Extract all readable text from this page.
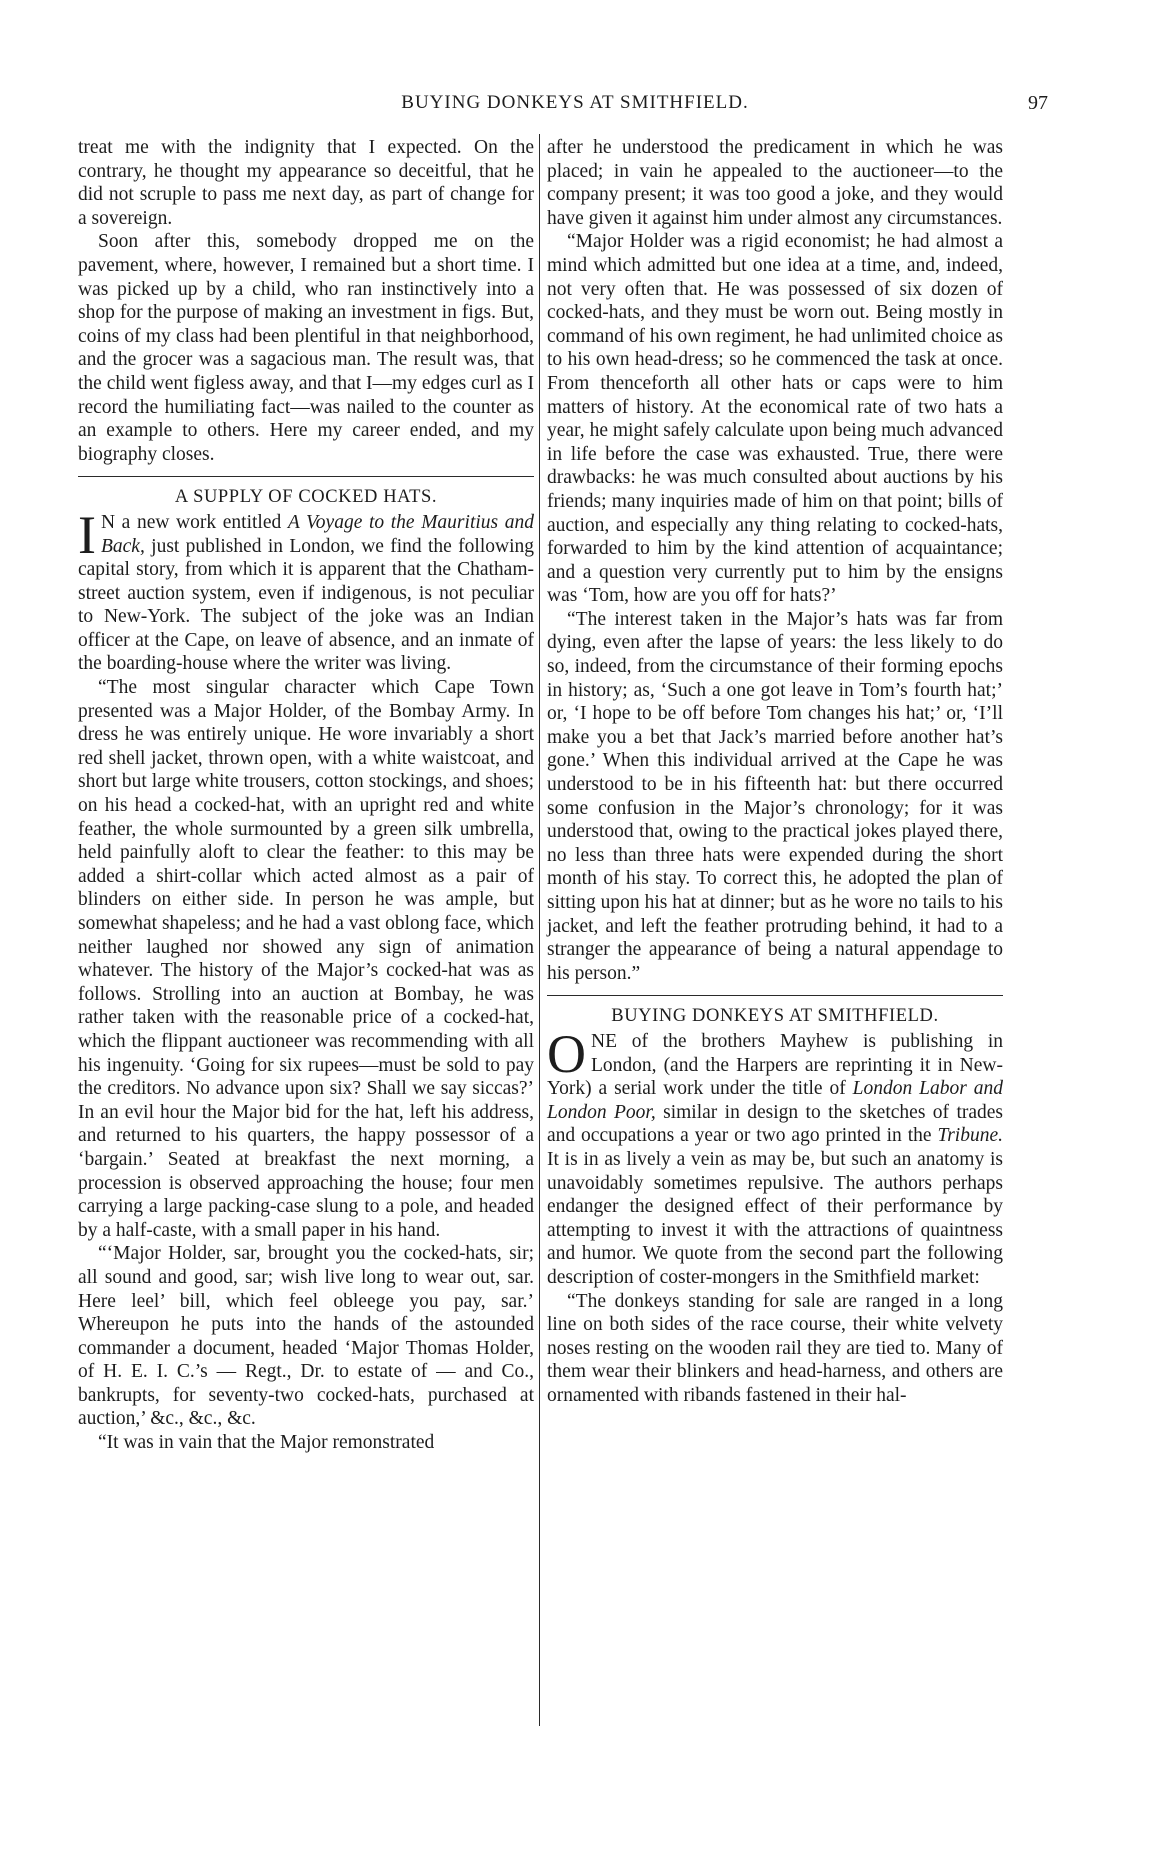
BUYING DONKEYS AT SMITHFIELD.	97

treat me with the indignity that I expected. On the contrary, he thought my appearance so deceitful, that he did not scruple to pass me next day, as part of change for a sovereign.

Soon after this, somebody dropped me on the pavement, where, however, I remained but a short time. I was picked up by a child, who ran instinctively into a shop for the purpose of making an investment in figs. But, coins of my class had been plentiful in that neighborhood, and the grocer was a sagacious man. The result was, that the child went figless away, and that I—my edges curl as I record the humiliating fact—was nailed to the counter as an example to others. Here my career ended, and my biography closes.

A SUPPLY OF COCKED HATS.

I N a new work entitled A Voyage to the Mauritius and Back, just published in London, we find the following capital story, from which it is apparent that the Chatham-street auction system, even if indigenous, is not peculiar to New-York. The subject of the joke was an Indian officer at the Cape, on leave of absence, and an inmate of the boarding-house where the writer was living.

“The most singular character which Cape Town presented was a Major Holder, of the Bombay Army. In dress he was entirely unique. He wore invariably a short red shell jacket, thrown open, with a white waistcoat, and short but large white trousers, cotton stockings, and shoes; on his head a cocked-hat, with an upright red and white feather, the whole surmounted by a green silk umbrella, held painfully aloft to clear the feather: to this may be added a shirt-collar which acted almost as a pair of blinders on either side. In person he was ample, but somewhat shapeless; and he had a vast oblong face, which neither laughed nor showed any sign of animation whatever. The history of the Major’s cocked-hat was as follows. Strolling into an auction at Bombay, he was rather taken with the reasonable price of a cocked-hat, which the flippant auctioneer was recommending with all his ingenuity. ‘Going for six rupees—must be sold to pay the creditors. No advance upon six? Shall we say siccas?’ In an evil hour the Major bid for the hat, left his address, and returned to his quarters, the happy possessor of a ‘bargain.’ Seated at breakfast the next morning, a procession is observed approaching the house; four men carrying a large packing-case slung to a pole, and headed by a half-caste, with a small paper in his hand.

“‘Major Holder, sar, brought you the cocked-hats, sir; all sound and good, sar; wish live long to wear out, sar. Here leel’ bill, which feel obleege you pay, sar.’ Whereupon he puts into the hands of the astounded commander a document, headed ‘Major Thomas Holder, of H. E. I. C.’s — Regt., Dr. to estate of — and Co., bankrupts, for seventy-two cocked-hats, purchased at auction,’ &c., &c., &c.

“It was in vain that the Major remonstrated

after he understood the predicament in which he was placed; in vain he appealed to the auctioneer—to the company present; it was too good a joke, and they would have given it against him under almost any circumstances.

“Major Holder was a rigid economist; he had almost a mind which admitted but one idea at a time, and, indeed, not very often that. He was possessed of six dozen of cocked-hats, and they must be worn out. Being mostly in command of his own regiment, he had unlimited choice as to his own head-dress; so he commenced the task at once. From thenceforth all other hats or caps were to him matters of history. At the economical rate of two hats a year, he might safely calculate upon being much advanced in life before the case was exhausted. True, there were drawbacks: he was much consulted about auctions by his friends; many inquiries made of him on that point; bills of auction, and especially any thing relating to cocked-hats, forwarded to him by the kind attention of acquaintance; and a question very currently put to him by the ensigns was ‘Tom, how are you off for hats?’

“The interest taken in the Major’s hats was far from dying, even after the lapse of years: the less likely to do so, indeed, from the circumstance of their forming epochs in history; as, ‘Such a one got leave in Tom’s fourth hat;’ or, ‘I hope to be off before Tom changes his hat;’ or, ‘I’ll make you a bet that Jack’s married before another hat’s gone.’ When this individual arrived at the Cape he was understood to be in his fifteenth hat: but there occurred some confusion in the Major’s chronology; for it was understood that, owing to the practical jokes played there, no less than three hats were expended during the short month of his stay. To correct this, he adopted the plan of sitting upon his hat at dinner; but as he wore no tails to his jacket, and left the feather protruding behind, it had to a stranger the appearance of being a natural appendage to his person.”

BUYING DONKEYS AT SMITHFIELD.

ONE of the brothers Mayhew is publishing in London, (and the Harpers are reprinting it in New-York) a serial work under the title of London Labor and London Poor, similar in design to the sketches of trades and occupations a year or two ago printed in the Tribune. It is in as lively a vein as may be, but such an anatomy is unavoidably sometimes repulsive. The authors perhaps endanger the designed effect of their performance by attempting to invest it with the attractions of quaintness and humor. We quote from the second part the following description of coster-mongers in the Smithfield market:

“The donkeys standing for sale are ranged in a long line on both sides of the race course, their white velvety noses resting on the wooden rail they are tied to. Many of them wear their blinkers and head-harness, and others are ornamented with ribands fastened in their hal-
